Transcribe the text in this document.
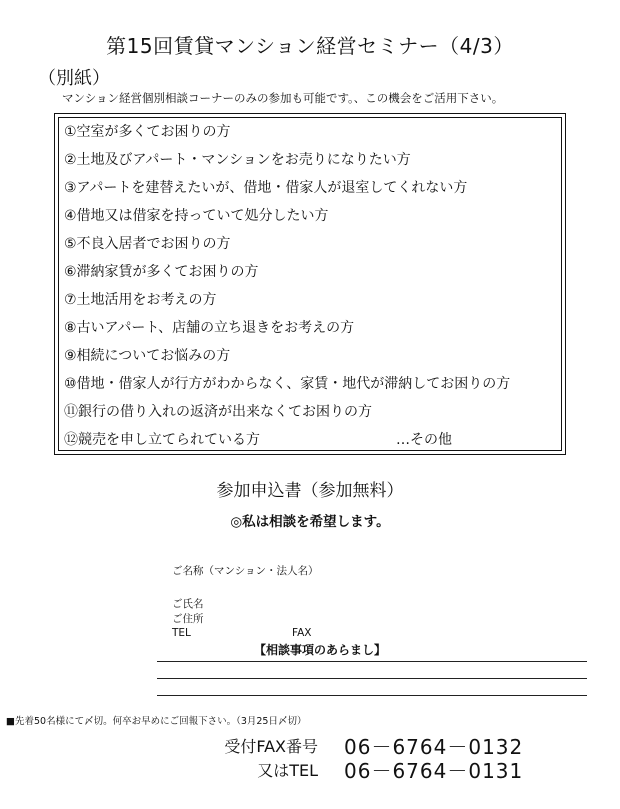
第15回賃貸マンション経営セミナー（4/3）
（別紙）
マンション経営個別相談コーナーのみの参加も可能です。、この機会をご活用下さい。
①空室が多くてお困りの方
②土地及びアパート・マンションをお売りになりたい方
③アパートを建替えたいが、借地・借家人が退室してくれない方
④借地又は借家を持っていて処分したい方
⑤不良入居者でお困りの方
⑥滞納家賃が多くてお困りの方
⑦土地活用をお考えの方
⑧古いアパート、店舗の立ち退きをお考えの方
⑨相続についてお悩みの方
⑩借地・借家人が行方がわからなく、家賃・地代が滞納してお困りの方
⑪銀行の借り入れの返済が出来なくてお困りの方
⑫競売を申し立てられている方	…その他
参加申込書（参加無料）
◎私は相談を希望します。
ご名称（マンション・法人名）
ご氏名
ご住所
TEL	FAX
【相談事項のあらまし】
■先着50名様にて〆切。何卒お早めにご回報下さい。（3月25日〆切）
受付FAX番号 06－6764－0132
又はTEL 06－6764－0131
